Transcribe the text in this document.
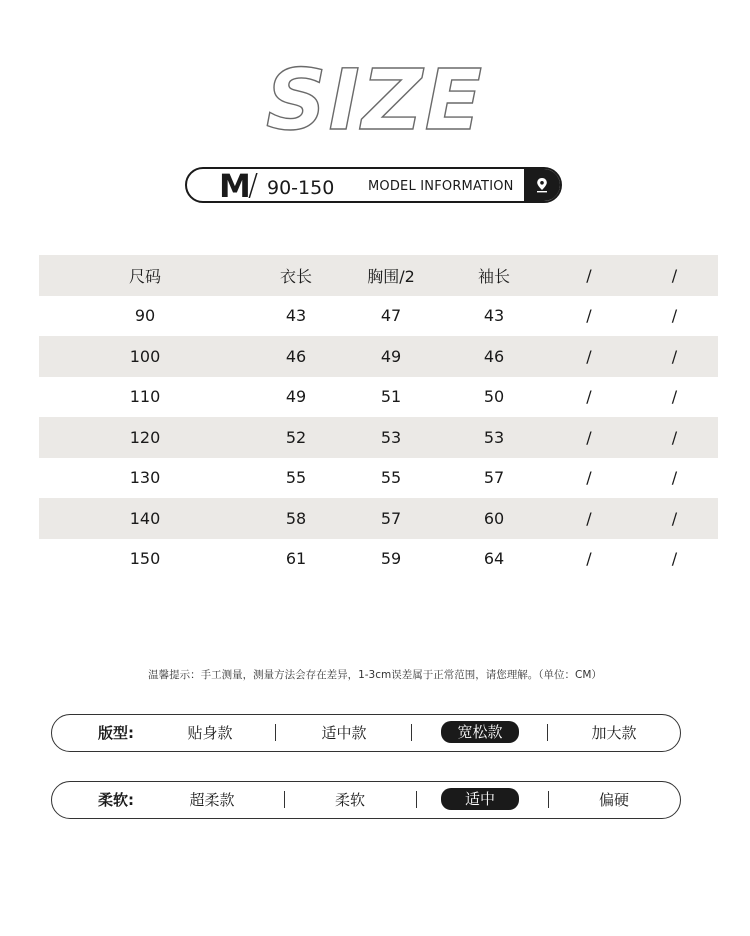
SIZE
M
/ 90-150	MODEL INFORMATION
尺码	衣长	胸围/2	袖长	/	/
90	43	47	43	/	/
100	46	49	46	/	/
110	49	51	50	/	/
120	52	53	53	/	/
130	55	55	57	/	/
140	58	57	60	/	/
150	61	59	64	/	/
温馨提示：手工测量，测量方法会存在差异，1-3cm误差属于正常范围，请您理解。（单位：CM）
版型:	贴身款	适中款	宽松款	加大款
柔软:	超柔款	柔软	适中	偏硬
